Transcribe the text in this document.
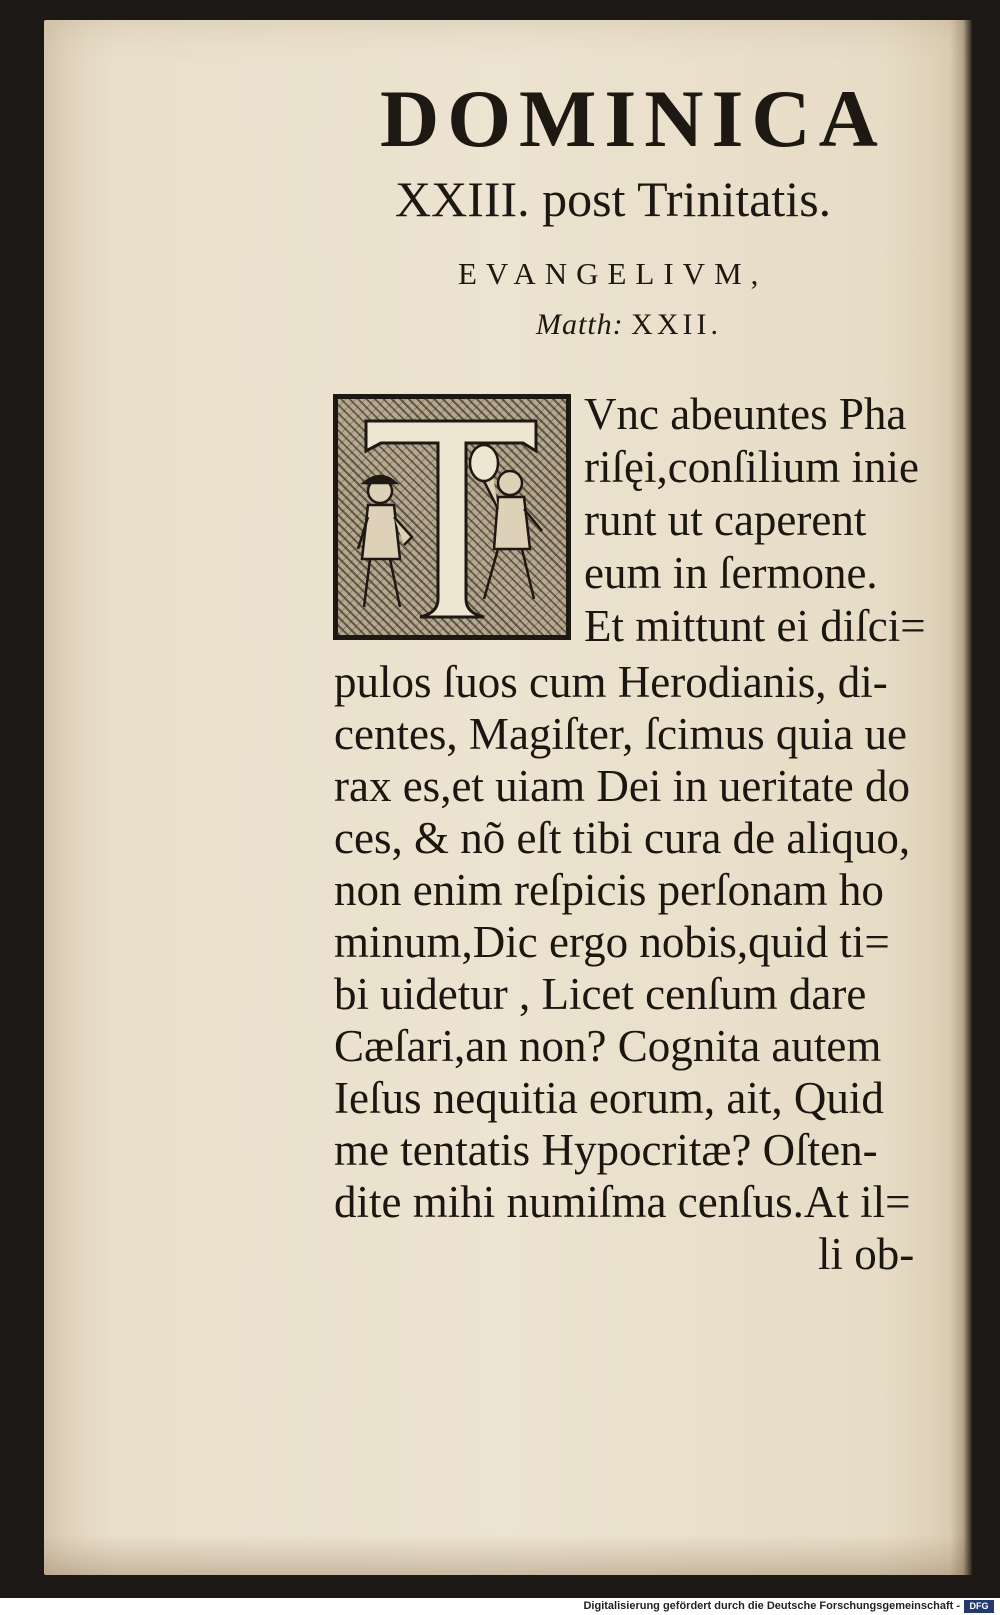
DOMINICA
XXIII. post Trinitatis.
EVANGELIVM,
Matth: XXII.
Vnc abeuntes Pha
riſęi,conſilium inie
runt ut caperent
eum in ſermone.
Et mittunt ei diſci=
pulos ſuos cum Herodianis, di-
centes, Magiſter, ſcimus quia ue
rax es,et uiam Dei in ueritate do
ces, & nõ eſt tibi cura de aliquo,
non enim reſpicis perſonam ho
minum,Dic ergo nobis,quid ti=
bi uidetur , Licet cenſum dare
Cæſari,an non? Cognita autem
Ieſus nequitia eorum, ait, Quid
me tentatis Hypocritæ? Oſten-
dite mihi numiſma cenſus.At il=
li ob-
Digitalisierung gefördert durch die Deutsche Forschungsgemeinschaft -	DFG
